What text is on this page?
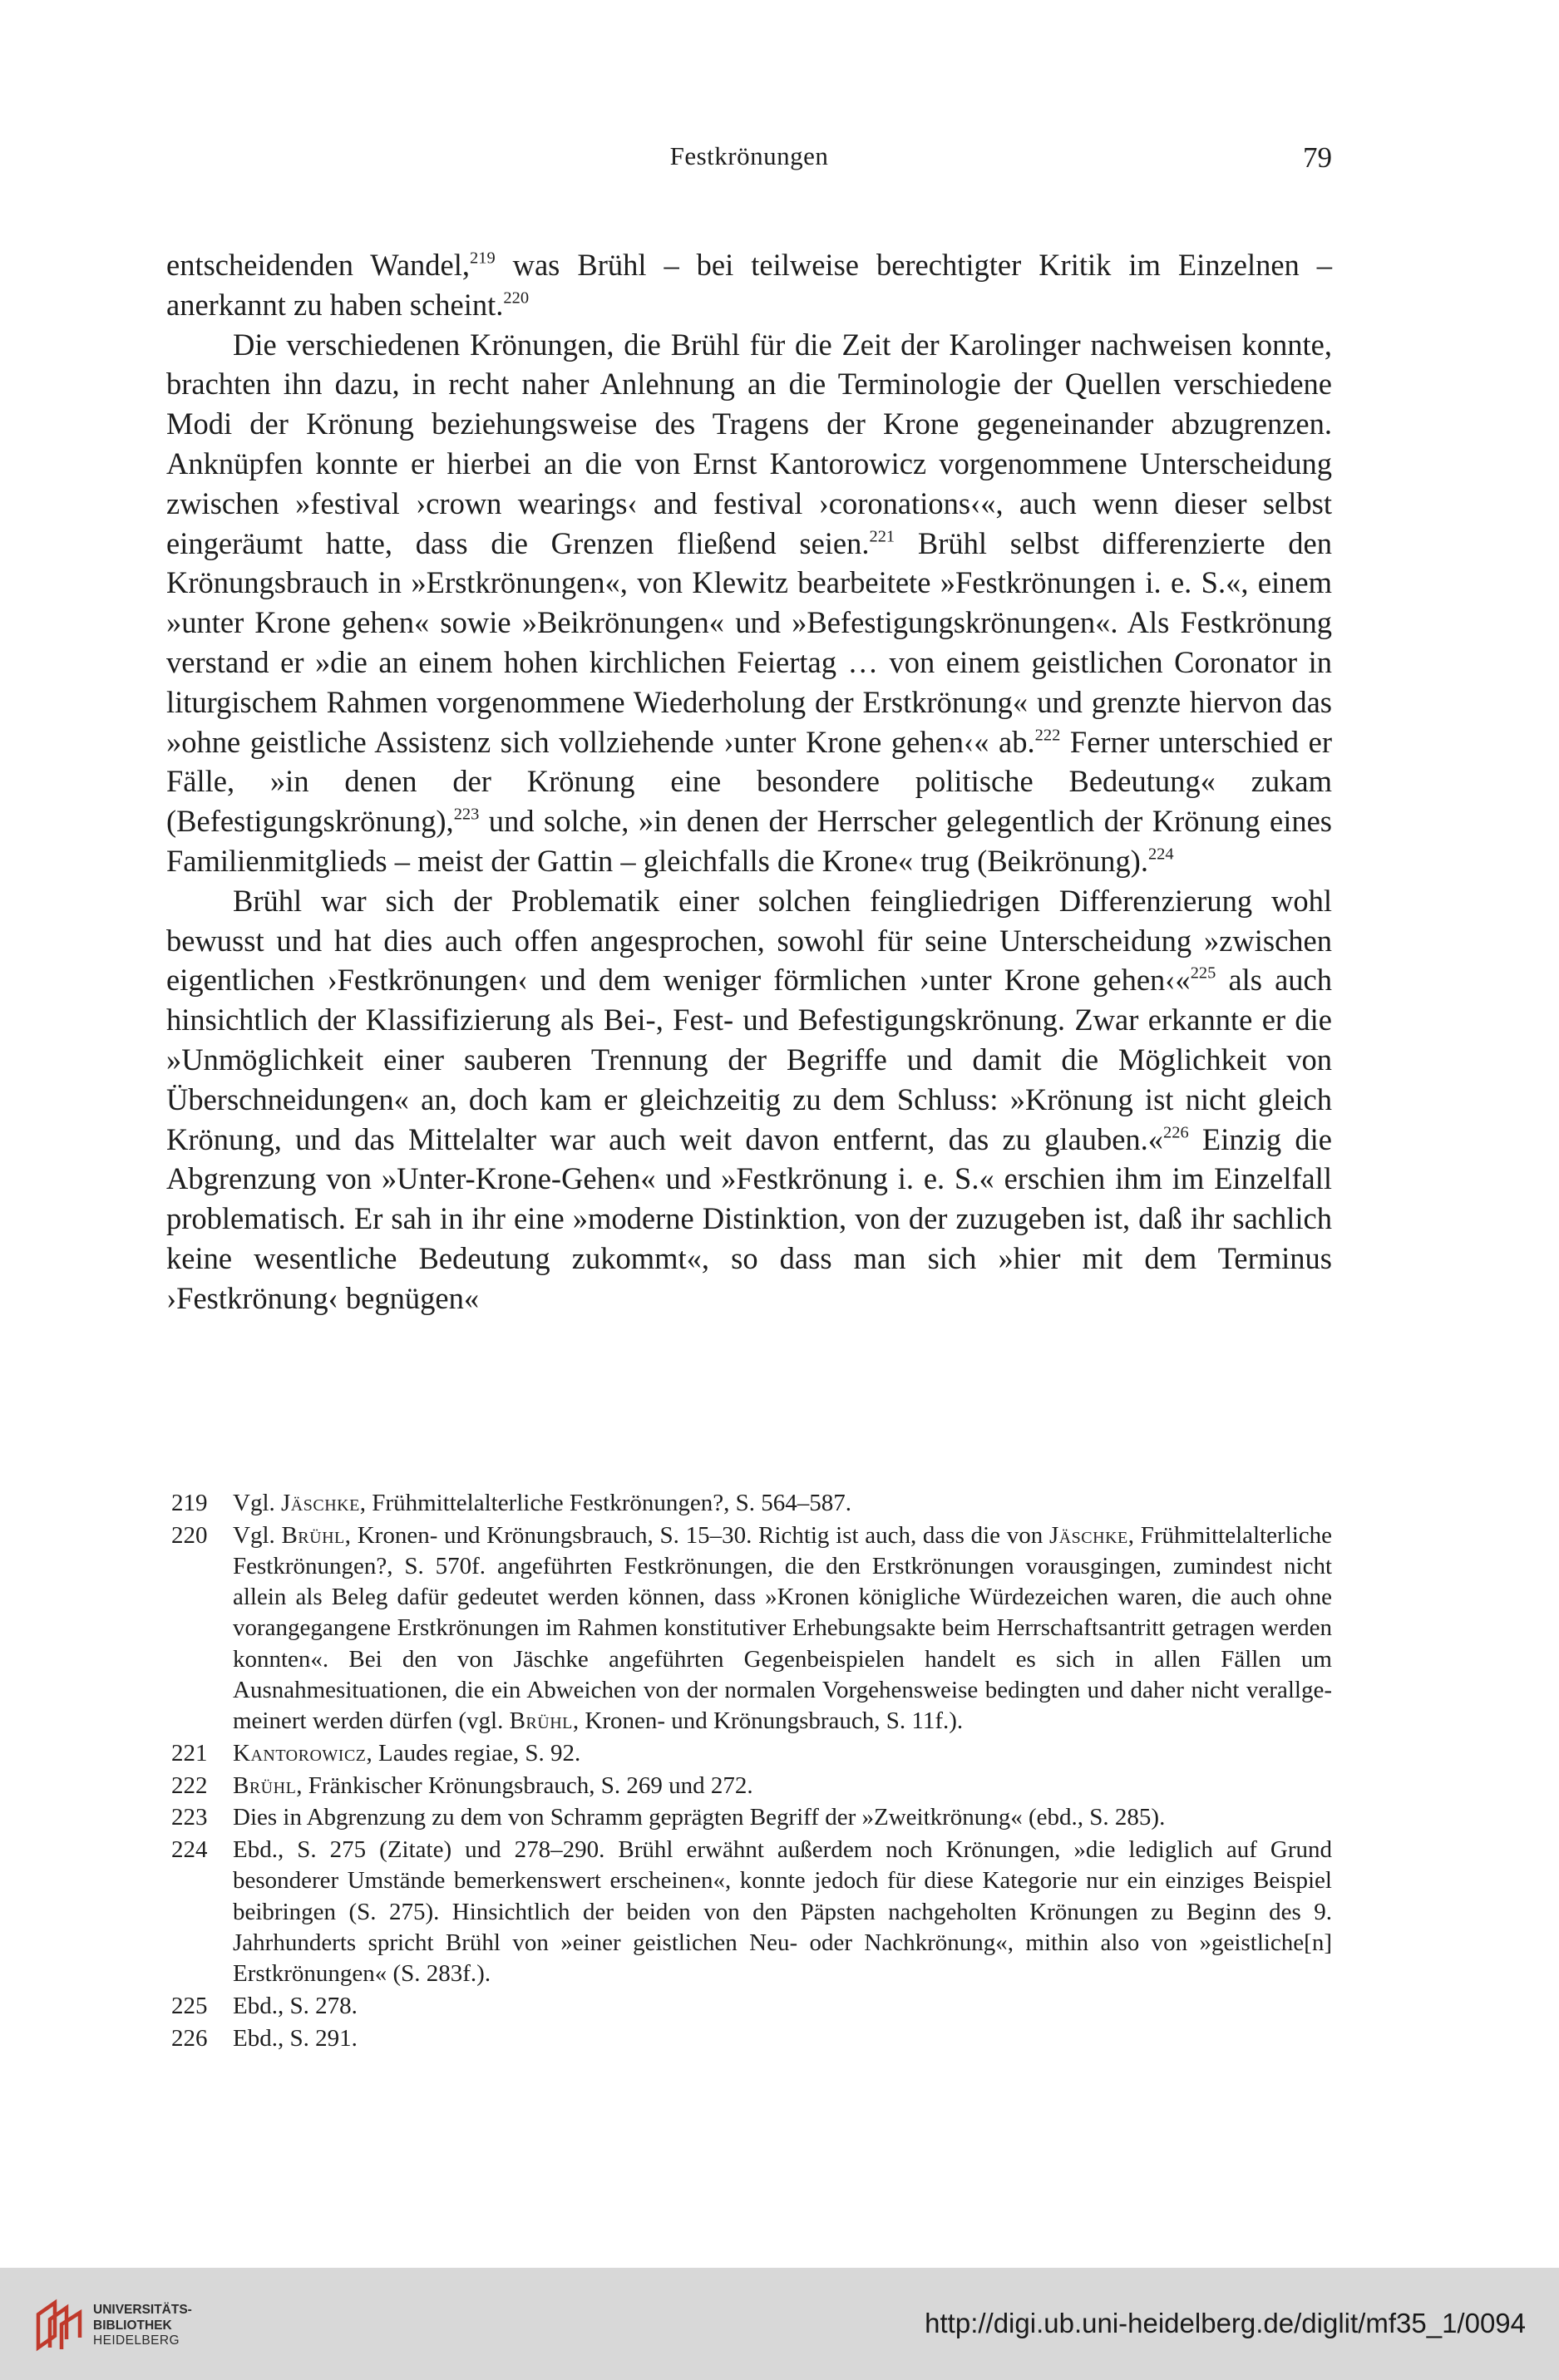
Festkrönungen	79

entscheidenden Wandel,$^{219}$ was Brühl – bei teilweise berechtigter Kritik im Einzelnen – anerkannt zu haben scheint.$^{220}$

Die verschiedenen Krönungen, die Brühl für die Zeit der Karolinger nachweisen konnte, brachten ihn dazu, in recht naher Anlehnung an die Terminologie der Quellen verschiedene Modi der Krönung beziehungsweise des Tragens der Krone gegeneinander abzugrenzen. Anknüpfen konnte er hierbei an die von Ernst Kantorowicz vorgenommene Unterscheidung zwischen »festival ›crown wearings‹ and festival ›coronations‹«, auch wenn dieser selbst eingeräumt hatte, dass die Grenzen fließend seien.$^{221}$ Brühl selbst differenzierte den Krönungsbrauch in »Erstkrönungen«, von Klewitz bearbeitete »Festkrönungen i. e. S.«, einem »unter Krone gehen« sowie »Beikrönungen« und »Befestigungskrönungen«. Als Festkrönung verstand er »die an einem hohen kirchlichen Feiertag … von einem geistlichen Coronator in liturgischem Rahmen vorgenommene Wiederholung der Erstkrönung« und grenzte hiervon das »ohne geistliche Assistenz sich vollziehende ›unter Krone gehen‹« ab.$^{222}$ Ferner unterschied er Fälle, »in denen der Krönung eine besondere politische Bedeutung« zukam (Befestigungskrönung),$^{223}$ und solche, »in denen der Herrscher gelegentlich der Krönung eines Familienmitglieds – meist der Gattin – gleichfalls die Krone« trug (Beikrönung).$^{224}$

Brühl war sich der Problematik einer solchen feingliedrigen Differenzierung wohl bewusst und hat dies auch offen angesprochen, sowohl für seine Unterscheidung »zwischen eigentlichen ›Festkrönungen‹ und dem weniger förmlichen ›unter Krone gehen‹«$^{225}$ als auch hinsichtlich der Klassifizierung als Bei-, Fest- und Befestigungskrönung. Zwar erkannte er die »Unmöglichkeit einer sauberen Trennung der Begriffe und damit die Möglichkeit von Überschneidungen« an, doch kam er gleichzeitig zu dem Schluss: »Krönung ist nicht gleich Krönung, und das Mittelalter war auch weit davon entfernt, das zu glauben.«$^{226}$ Einzig die Abgrenzung von »Unter-Krone-Gehen« und »Festkrönung i. e. S.« erschien ihm im Einzelfall problematisch. Er sah in ihr eine »moderne Distinktion, von der zuzugeben ist, daß ihr sachlich keine wesentliche Bedeutung zukommt«, so dass man sich »hier mit dem Terminus ›Festkrönung‹ begnügen«

219 Vgl. Jäschke, Frühmittelalterliche Festkrönungen?, S. 564–587.
220 Vgl. Brühl, Kronen- und Krönungsbrauch, S. 15–30. Richtig ist auch, dass die von Jäschke, Frühmittelalterliche Festkrönungen?, S. 570f. angeführten Festkrönungen, die den Erstkrönungen vorausgingen, zumindest nicht allein als Beleg dafür gedeutet werden können, dass »Kronen königliche Würdezeichen waren, die auch ohne vorangegangene Erstkrönungen im Rahmen konstitutiver Erhebungsakte beim Herrschaftsantritt getragen werden konnten«. Bei den von Jäschke angeführten Gegenbeispielen handelt es sich in allen Fällen um Ausnahmesituationen, die ein Abweichen von der normalen Vorgehensweise bedingten und daher nicht verallgemeinert werden dürfen (vgl. Brühl, Kronen- und Krönungsbrauch, S. 11f.).
221 Kantorowicz, Laudes regiae, S. 92.
222 Brühl, Fränkischer Krönungsbrauch, S. 269 und 272.
223 Dies in Abgrenzung zu dem von Schramm geprägten Begriff der »Zweitkrönung« (ebd., S. 285).
224 Ebd., S. 275 (Zitate) und 278–290. Brühl erwähnt außerdem noch Krönungen, »die lediglich auf Grund besonderer Umstände bemerkenswert erscheinen«, konnte jedoch für diese Kategorie nur ein einziges Beispiel beibringen (S. 275). Hinsichtlich der beiden von den Päpsten nachgeholten Krönungen zu Beginn des 9. Jahrhunderts spricht Brühl von »einer geistlichen Neu- oder Nachkrönung«, mithin also von »geistliche[n] Erstkrönungen« (S. 283f.).
225 Ebd., S. 278.
226 Ebd., S. 291.
UNIVERSITÄTS-
BIBLIOTHEK
HEIDELBERG
http://digi.ub.uni-heidelberg.de/diglit/mf35_1/0094
